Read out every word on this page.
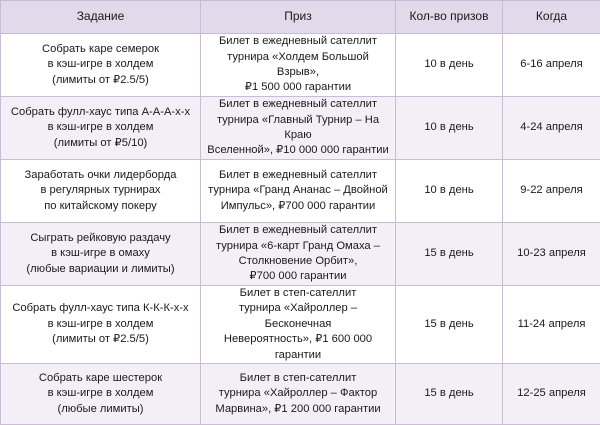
Задание	Приз	Кол-во призов	Когда
Собрать каре семерок
в кэш-игре в холдем
(лимиты от ₽2.5/5)	Билет в ежедневный сателлит
турнира «Холдем Большой Взрыв»,
₽1 500 000 гарантии	10 в день	6-16 апреля
Собрать фулл-хаус типа А-А-А-х-х
в кэш-игре в холдем
(лимиты от ₽5/10)	Билет в ежедневный сателлит
турнира «Главный Турнир – На Краю
Вселенной», ₽10 000 000 гарантии	10 в день	4-24 апреля
Заработать очки лидерборда
в регулярных турнирах
по китайскому покеру	Билет в ежедневный сателлит
турнира «Гранд Ананас – Двойной
Импульс», ₽700 000 гарантии	10 в день	9-22 апреля
Сыграть рейковую раздачу
в кэш-игре в омаху
(любые вариации и лимиты)	Билет в ежедневный сателлит
турнира «6-карт Гранд Омаха –
Столкновение Орбит»,
₽700 000 гарантии	15 в день	10-23 апреля
Собрать фулл-хаус типа К-К-К-х-х
в кэш-игре в холдем
(лимиты от ₽2.5/5)	Билет в степ-сателлит
турнира «Хайроллер – Бесконечная
Невероятность», ₽1 600 000 гарантии	15 в день	11-24 апреля
Собрать каре шестерок
в кэш-игре в холдем
(любые лимиты)	Билет в степ-сателлит
турнира «Хайроллер – Фактор
Марвина», ₽1 200 000 гарантии	15 в день	12-25 апреля
